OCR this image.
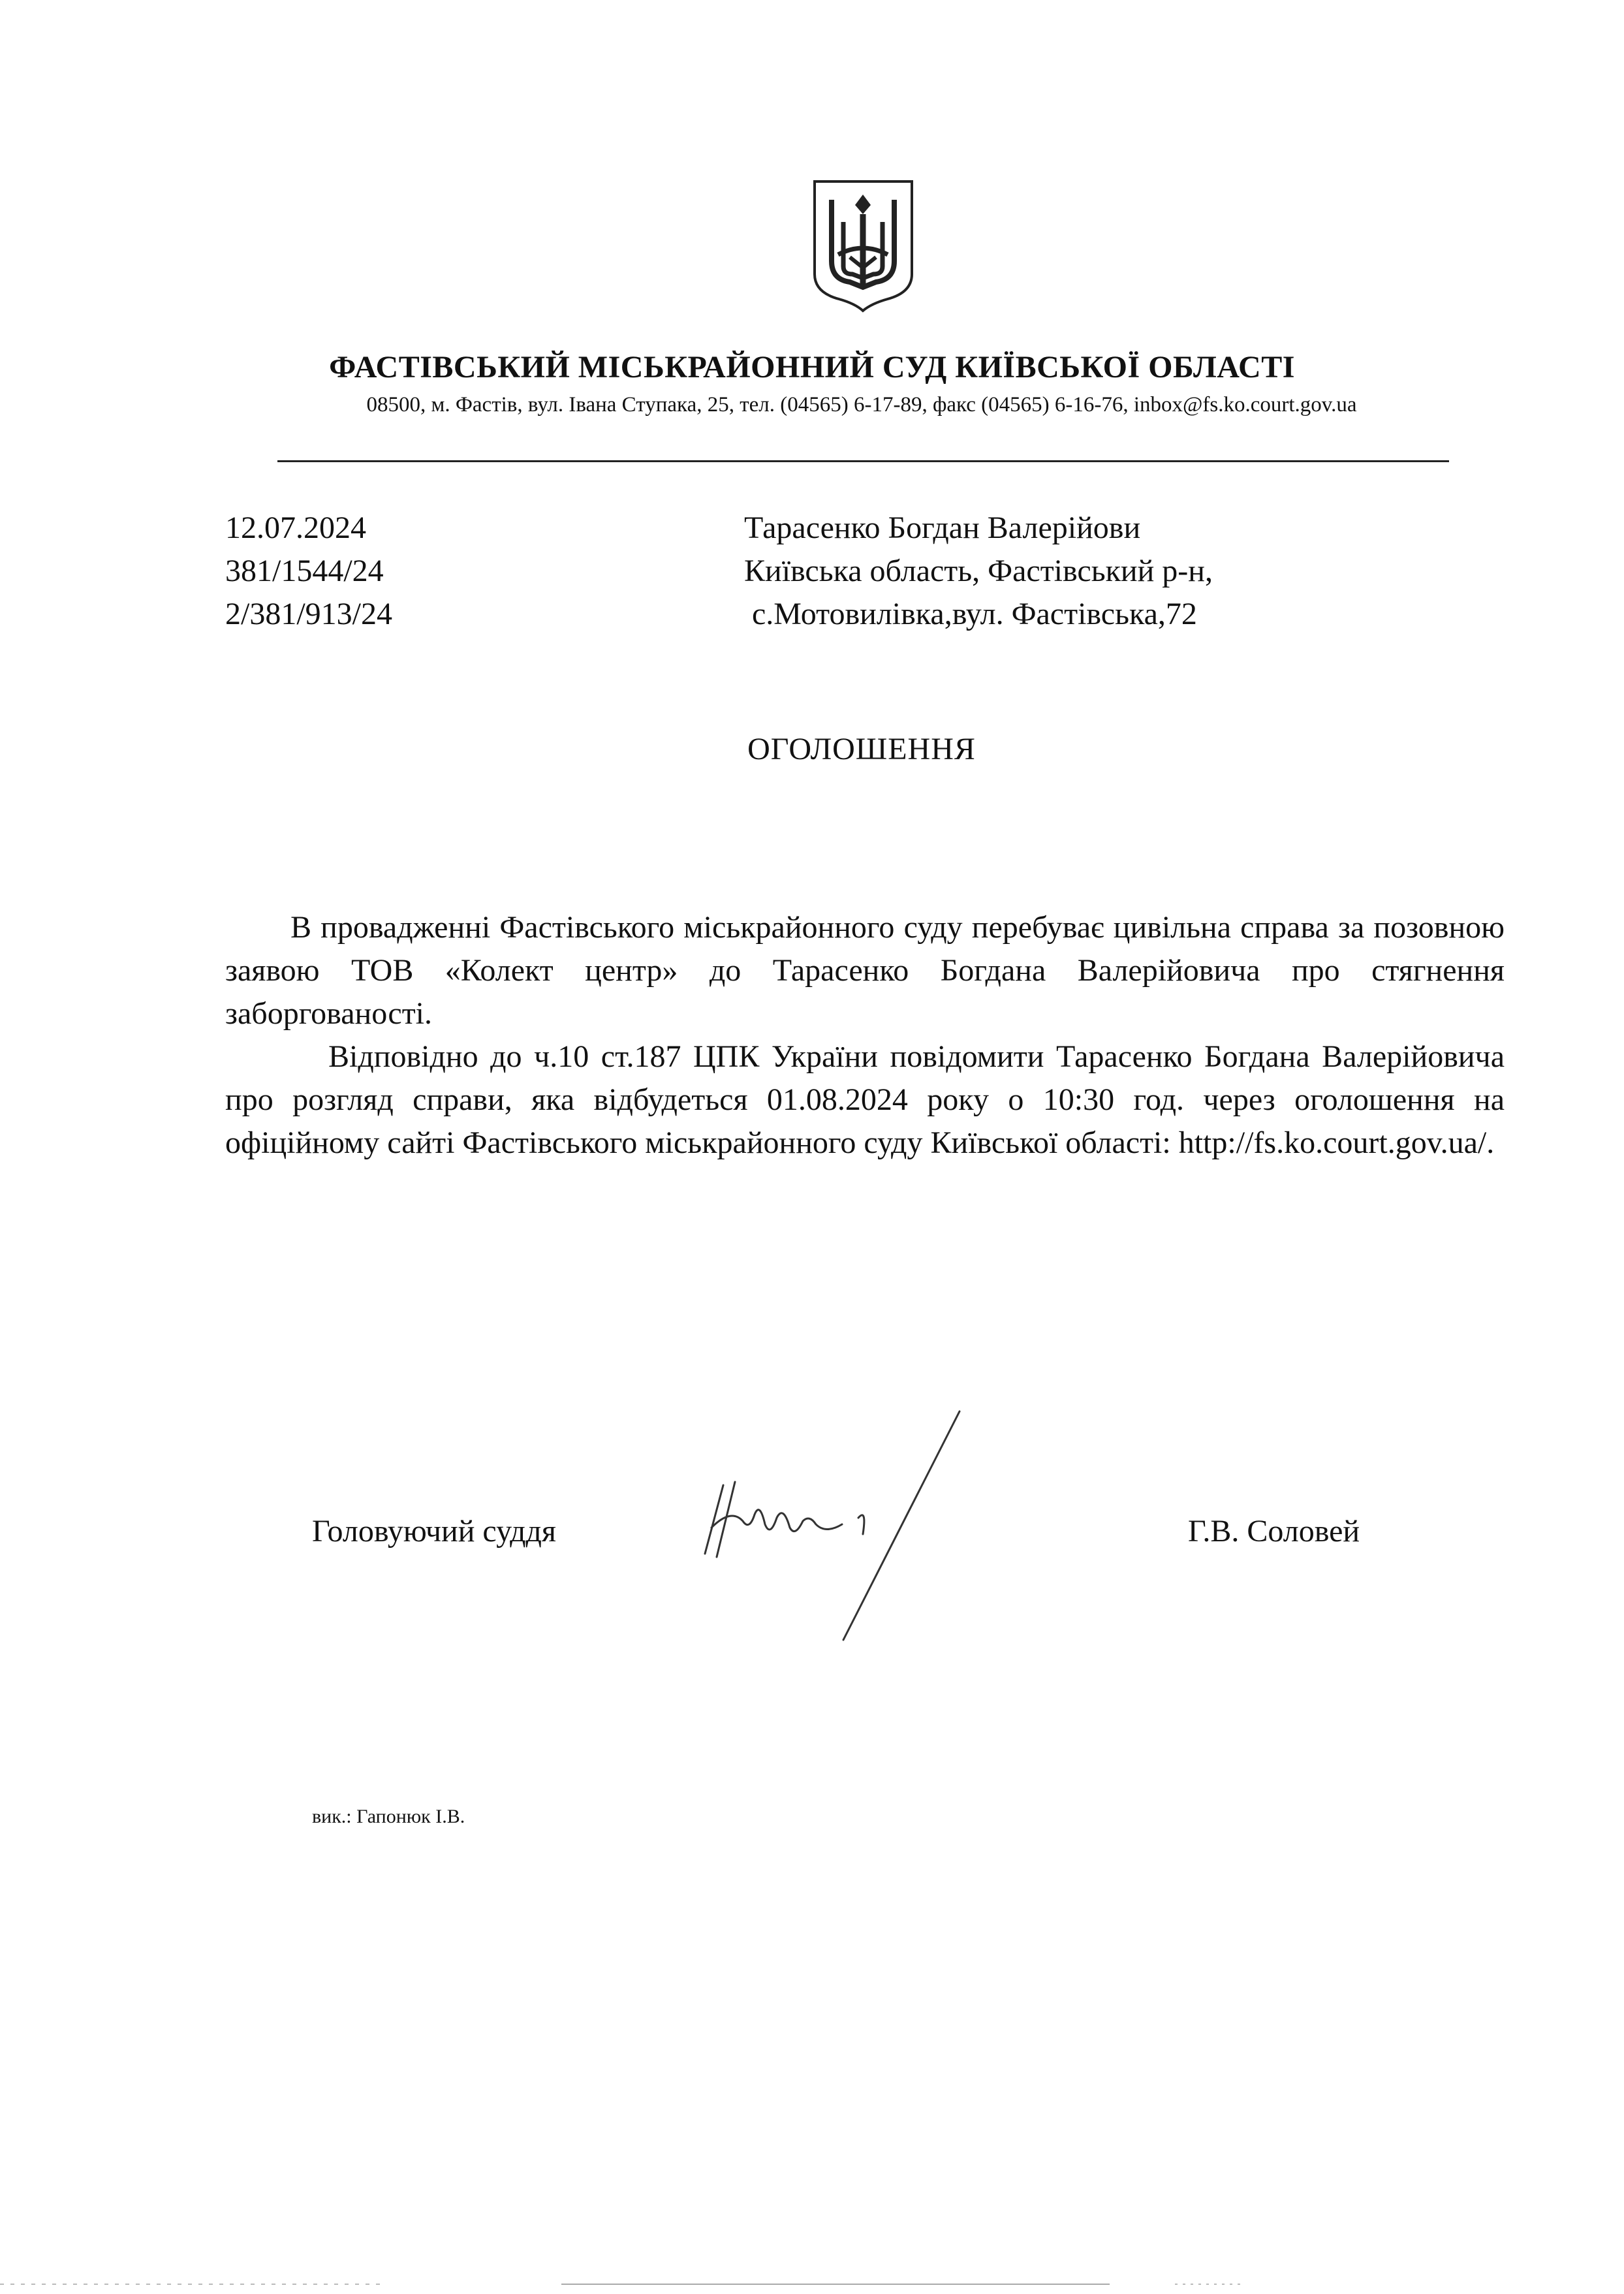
ФАСТІВСЬКИЙ МІСЬКРАЙОННИЙ СУД КИЇВСЬКОЇ ОБЛАСТІ
08500, м. Фастів, вул. Івана Ступака, 25, тел. (04565) 6-17-89, факс (04565) 6-16-76, inbox@fs.ko.court.gov.ua
12.07.2024
381/1544/24
2/381/913/24
Тарасенко Богдан Валерійови
Київська область, Фастівський р-н,
с.Мотовилівка,вул. Фастівська,72
ОГОЛОШЕННЯ

В провадженні Фастівського міськрайонного суду перебуває цивільна справа за позовною заявою ТОВ «Колект центр» до Тарасенко Богдана Валерійовича про стягнення заборгованості.

Відповідно до ч.10 ст.187 ЦПК України повідомити Тарасенко Богдана Валерійовича про розгляд справи, яка відбудеться 01.08.2024 року о 10:30 год. через оголошення на офіційному сайті Фастівського міськрайонного суду Київської області: http://fs.ko.court.gov.ua/.

Головуючий суддя	Г.В. Соловей
вик.: Гапонюк І.В.
